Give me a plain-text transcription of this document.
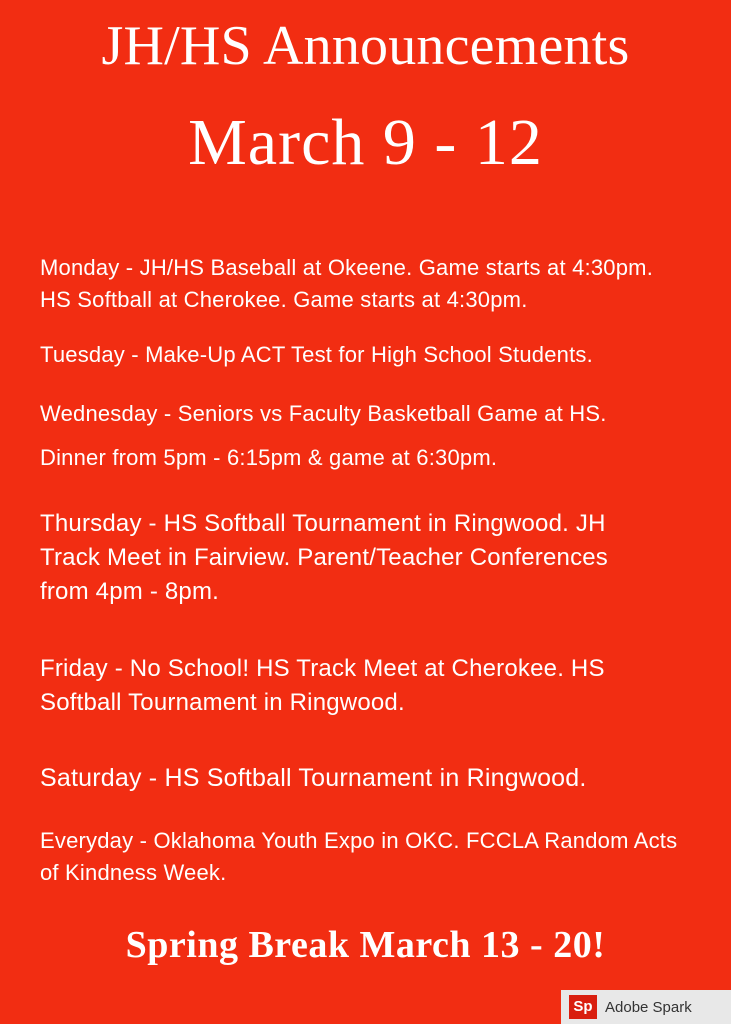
JH/HS Announcements
March 9 - 12
Monday - JH/HS Baseball at Okeene. Game starts at 4:30pm.
HS Softball at Cherokee. Game starts at 4:30pm.
Tuesday - Make-Up ACT Test for High School Students.
Wednesday - Seniors vs Faculty Basketball Game at HS.
Dinner from 5pm - 6:15pm & game at 6:30pm.
Thursday - HS Softball Tournament in Ringwood. JH
Track Meet in Fairview. Parent/Teacher Conferences
from 4pm - 8pm.
Friday - No School! HS Track Meet at Cherokee. HS
Softball Tournament in Ringwood.
Saturday - HS Softball Tournament in Ringwood.
Everyday - Oklahoma Youth Expo in OKC. FCCLA Random Acts
of Kindness Week.
Spring Break March 13 - 20!
Sp Adobe Spark
